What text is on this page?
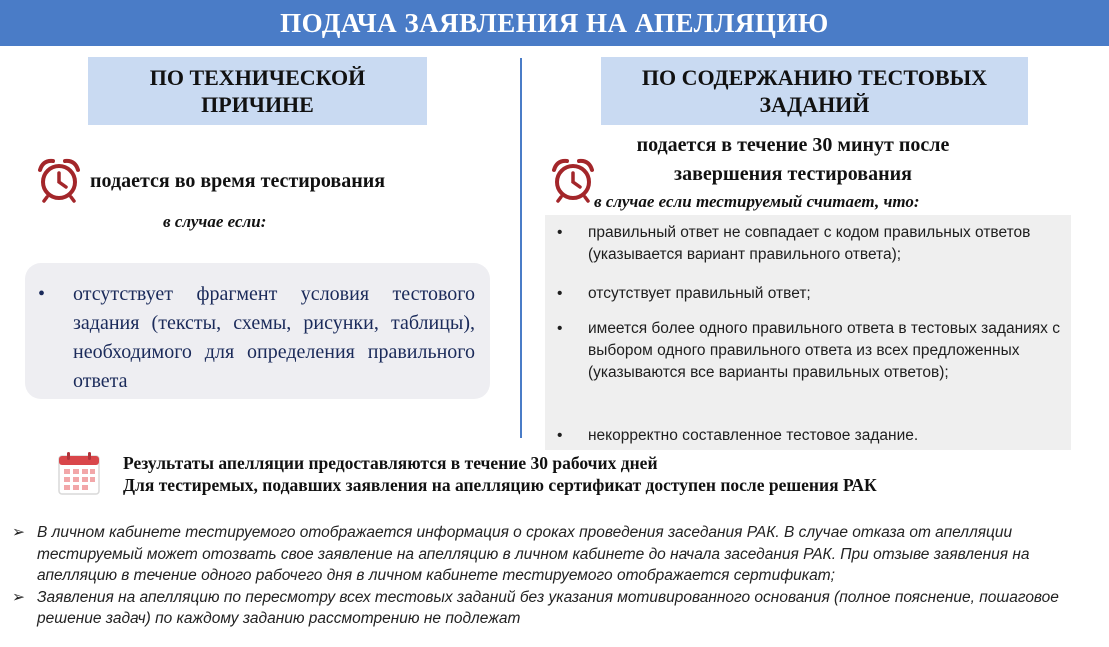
ПОДАЧА ЗАЯВЛЕНИЯ НА АПЕЛЛЯЦИЮ
ПО ТЕХНИЧЕСКОЙ
ПРИЧИНЕ
подается во время тестирования
в случае если:
•	отсутствует фрагмент условия тестового задания (тексты, схемы, рисунки, таблицы), необходимого для определения правильного ответа
ПО СОДЕРЖАНИЮ ТЕСТОВЫХ
ЗАДАНИЙ
подается в течение 30 минут после
завершения тестирования
в случае если тестируемый считает, что:
• правильный ответ не совпадает с кодом правильных ответов (указывается вариант правильного ответа);
• отсутствует правильный ответ;
• имеется более одного правильного ответа в тестовых заданиях с выбором одного правильного ответа из всех предложенных (указываются все варианты правильных ответов);
• некорректно составленное тестовое задание.
Результаты апелляции предоставляются в течение 30 рабочих дней
Для тестиремых, подавших заявления на апелляцию сертификат доступен после решения РАК
➢ В личном кабинете тестируемого отображается информация о сроках проведения заседания РАК. В случае отказа от апелляции тестируемый может отозвать свое заявление на апелляцию в личном кабинете до начала заседания РАК. При отзыве заявления на апелляцию в течение одного рабочего дня в личном кабинете тестируемого отображается сертификат;
➢ Заявления на апелляцию по пересмотру всех тестовых заданий без указания мотивированного основания (полное пояснение, пошаговое решение задач) по каждому заданию рассмотрению не подлежат
